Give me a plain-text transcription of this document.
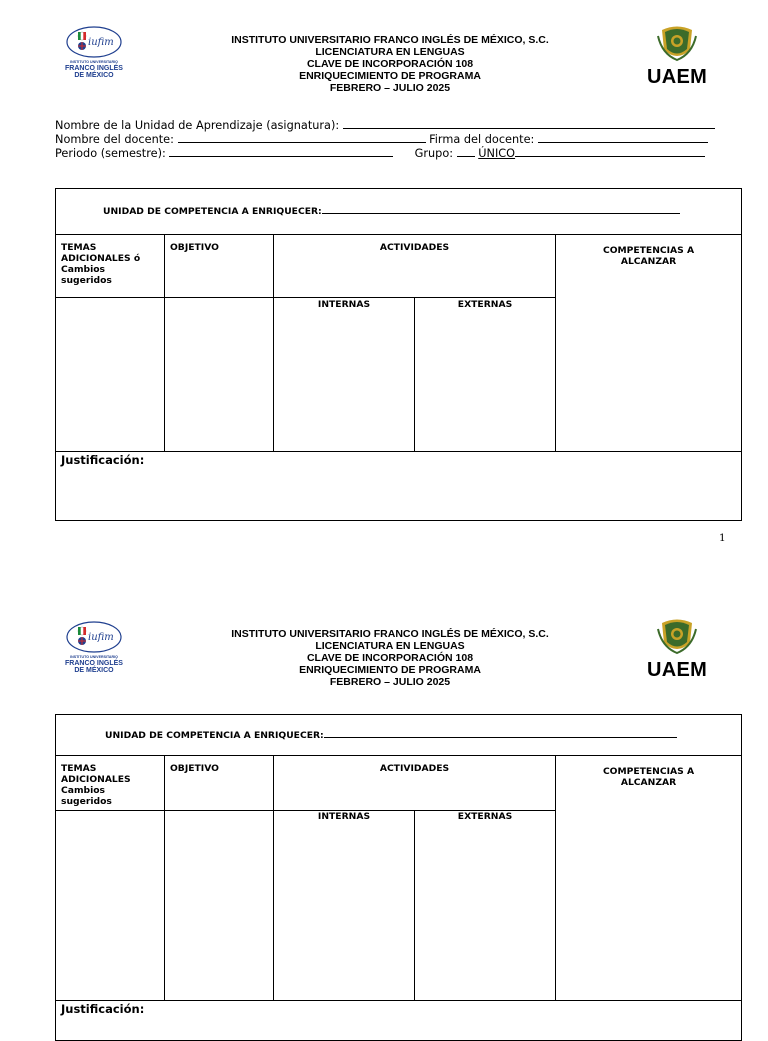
iufim
INSTITUTO UNIVERSITARIO
FRANCO INGLÉS
DE MÉXICO
INSTITUTO UNIVERSITARIO FRANCO INGLÉS DE MÉXICO, S.C.
LICENCIATURA EN LENGUAS
CLAVE DE INCORPORACIÓN 108
ENRIQUECIMIENTO DE PROGRAMA
FEBRERO – JULIO 2025	UAEM
Nombre de la Unidad de Aprendizaje (asignatura):
Nombre del docente:	Firma del docente:
Periodo (semestre):	Grupo: ÚNICO
UNIDAD DE COMPETENCIA A ENRIQUECER:				
TEMAS ADICIONALES ó Cambios sugeridos	OBJETIVO	ACTIVIDADES		COMPETENCIAS A ALCANZAR
		INTERNAS	EXTERNAS	
Justificación:				
1
iufim
INSTITUTO UNIVERSITARIO
FRANCO INGLÉS
DE MÉXICO
INSTITUTO UNIVERSITARIO FRANCO INGLÉS DE MÉXICO, S.C.
LICENCIATURA EN LENGUAS
CLAVE DE INCORPORACIÓN 108
ENRIQUECIMIENTO DE PROGRAMA
FEBRERO – JULIO 2025
UAEM
UNIDAD DE COMPETENCIA A ENRIQUECER:				
TEMAS ADICIONALES Cambios sugeridos	OBJETIVO	ACTIVIDADES		COMPETENCIAS A ALCANZAR
		INTERNAS	EXTERNAS	
Justificación:				
